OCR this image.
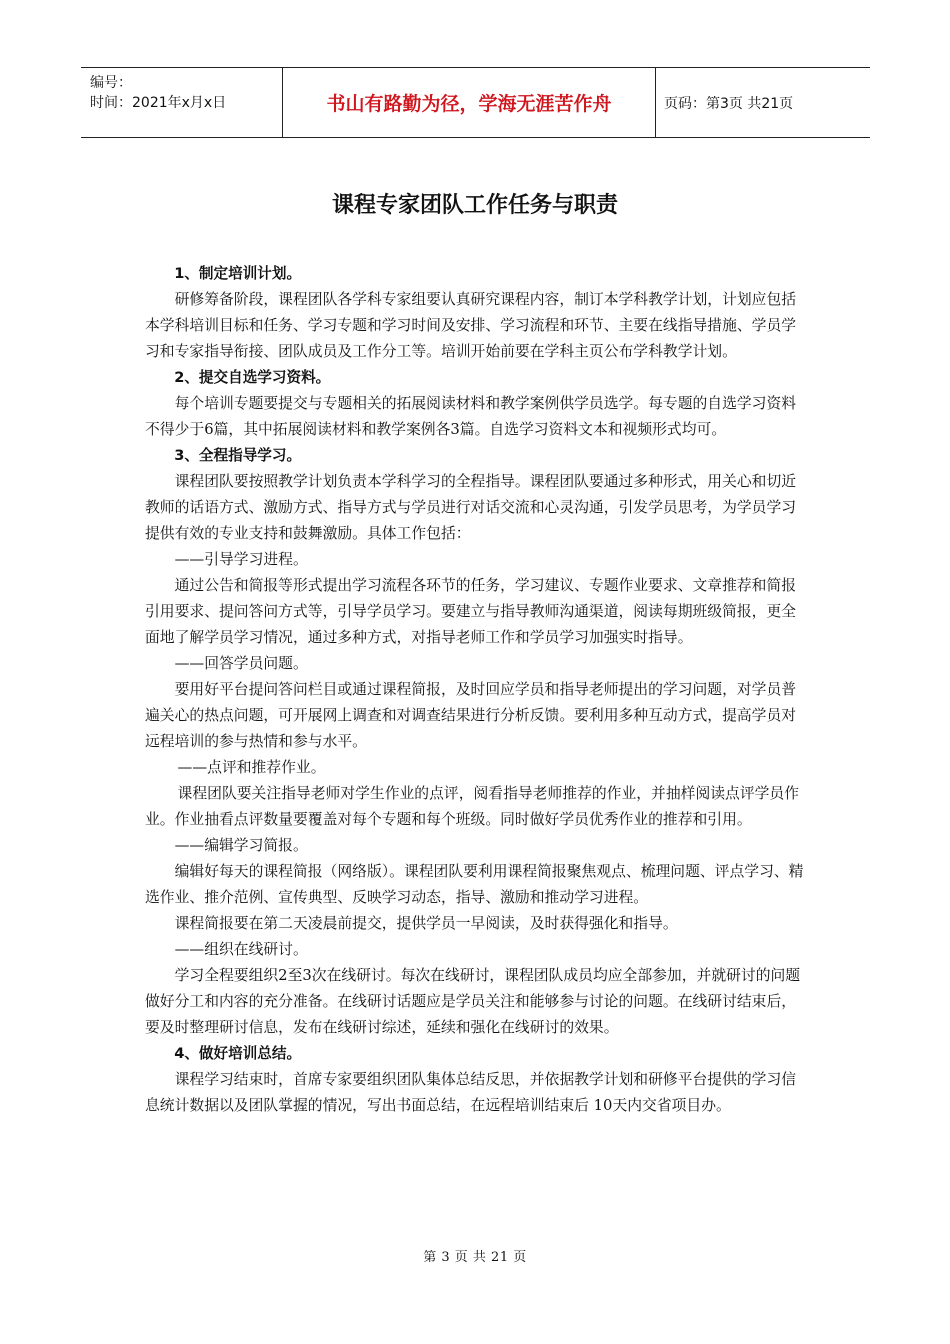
编号：
时间：2021年x月x日	书山有路勤为径，学海无涯苦作舟	页码：第3页 共21页
课程专家团队工作任务与职责

1、制定培训计划。

研修筹备阶段，课程团队各学科专家组要认真研究课程内容，制订本学科教学计划，计划应包括本学科培训目标和任务、学习专题和学习时间及安排、学习流程和环节、主要在线指导措施、学员学习和专家指导衔接、团队成员及工作分工等。培训开始前要在学科主页公布学科教学计划。

2、提交自选学习资料。

每个培训专题要提交与专题相关的拓展阅读材料和教学案例供学员选学。每专题的自选学习资料不得少于6篇，其中拓展阅读材料和教学案例各3篇。自选学习资料文本和视频形式均可。

3、全程指导学习。

课程团队要按照教学计划负责本学科学习的全程指导。课程团队要通过多种形式，用关心和切近教师的话语方式、激励方式、指导方式与学员进行对话交流和心灵沟通，引发学员思考，为学员学习提供有效的专业支持和鼓舞激励。具体工作包括：

——引导学习进程。

通过公告和简报等形式提出学习流程各环节的任务，学习建议、专题作业要求、文章推荐和简报引用要求、提问答问方式等，引导学员学习。要建立与指导教师沟通渠道，阅读每期班级简报，更全面地了解学员学习情况，通过多种方式，对指导老师工作和学员学习加强实时指导。

——回答学员问题。

要用好平台提问答问栏目或通过课程简报，及时回应学员和指导老师提出的学习问题，对学员普遍关心的热点问题，可开展网上调查和对调查结果进行分析反馈。要利用多种互动方式，提高学员对远程培训的参与热情和参与水平。

——点评和推荐作业。

课程团队要关注指导老师对学生作业的点评，阅看指导老师推荐的作业，并抽样阅读点评学员作业。作业抽看点评数量要覆盖对每个专题和每个班级。同时做好学员优秀作业的推荐和引用。

——编辑学习简报。

编辑好每天的课程简报（网络版）。课程团队要利用课程简报聚焦观点、梳理问题、评点学习、精选作业、推介范例、宣传典型、反映学习动态，指导、激励和推动学习进程。

课程简报要在第二天凌晨前提交，提供学员一早阅读，及时获得强化和指导。

——组织在线研讨。

学习全程要组织2至3次在线研讨。每次在线研讨，课程团队成员均应全部参加，并就研讨的问题做好分工和内容的充分准备。在线研讨话题应是学员关注和能够参与讨论的问题。在线研讨结束后，要及时整理研讨信息，发布在线研讨综述，延续和强化在线研讨的效果。

4、做好培训总结。

课程学习结束时，首席专家要组织团队集体总结反思，并依据教学计划和研修平台提供的学习信息统计数据以及团队掌握的情况，写出书面总结，在远程培训结束后 10天内交省项目办。

第 3 页 共 21 页
